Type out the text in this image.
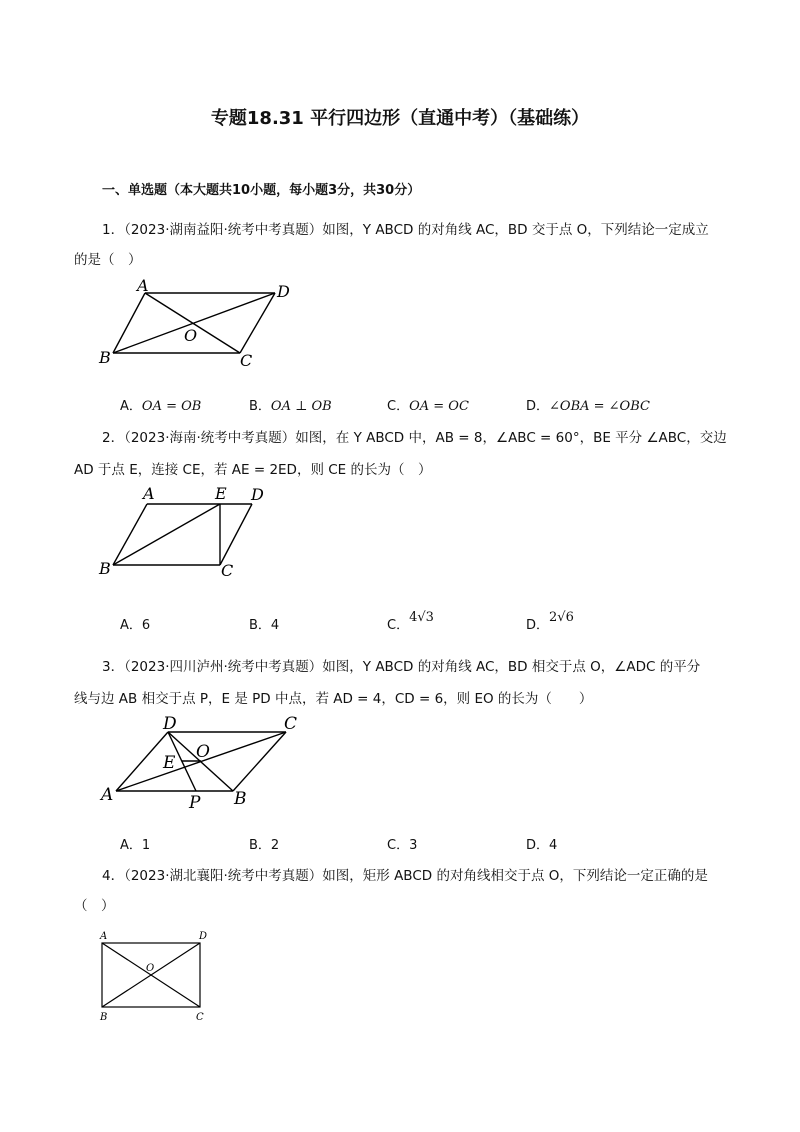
专题18.31 平行四边形（直通中考）（基础练）
一、单选题（本大题共10小题，每小题3分，共30分）
1．（2023·湖南益阳·统考中考真题）如图，Y ABCD 的对角线 AC，BD 交于点 O，下列结论一定成立
的是（　）
A	D
O
B	C
A．OA = OB	B．OA ⊥ OB	C．OA = OC	D．∠OBA = ∠OBC
2．（2023·海南·统考中考真题）如图，在 Y ABCD 中，AB = 8，∠ABC = 60°，BE 平分 ∠ABC，交边
AD 于点 E，连接 CE，若 AE = 2ED，则 CE 的长为（　）
A	E D
B	C
A．6	B．4	C．4√3
D．2√6
3．（2023·四川泸州·统考中考真题）如图，Y ABCD 的对角线 AC，BD 相交于点 O，∠ADC 的平分
线与边 AB 相交于点 P，E 是 PD 中点，若 AD = 4，CD = 6，则 EO 的长为（　　）
D	C
O
E
A	P B
A．1	B．2	C．3	D．4
4．（2023·湖北襄阳·统考中考真题）如图，矩形 ABCD 的对角线相交于点 O，下列结论一定正确的是
（　）
A	D
O
B	C
